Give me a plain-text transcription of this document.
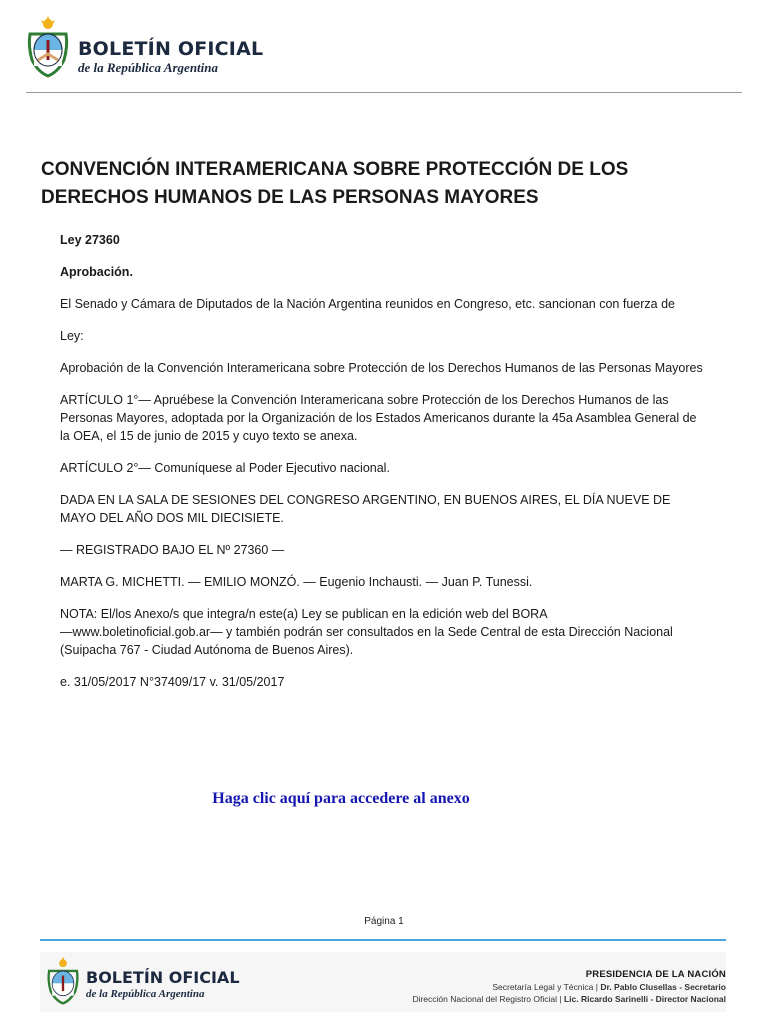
BOLETÍN OFICIAL
de la República Argentina
CONVENCIÓN INTERAMERICANA SOBRE PROTECCIÓN DE LOS
DERECHOS HUMANOS DE LAS PERSONAS MAYORES

Ley 27360

Aprobación.

El Senado y Cámara de Diputados de la Nación Argentina reunidos en Congreso, etc. sancionan con fuerza de

Ley:

Aprobación de la Convención Interamericana sobre Protección de los Derechos Humanos de las Personas Mayores

ARTÍCULO 1°— Apruébese la Convención Interamericana sobre Protección de los Derechos Humanos de las
Personas Mayores, adoptada por la Organización de los Estados Americanos durante la 45a Asamblea General de
la OEA, el 15 de junio de 2015 y cuyo texto se anexa.

ARTÍCULO 2°— Comuníquese al Poder Ejecutivo nacional.

DADA EN LA SALA DE SESIONES DEL CONGRESO ARGENTINO, EN BUENOS AIRES, EL DÍA NUEVE DE
MAYO DEL AÑO DOS MIL DIECISIETE.

— REGISTRADO BAJO EL Nº 27360 —

MARTA G. MICHETTI. — EMILIO MONZÓ. — Eugenio Inchausti. — Juan P. Tunessi.

NOTA: El/los Anexo/s que integra/n este(a) Ley se publican en la edición web del BORA
—www.boletinoficial.gob.ar— y también podrán ser consultados en la Sede Central de esta Dirección Nacional
(Suipacha 767 - Ciudad Autónoma de Buenos Aires).

e. 31/05/2017 N°37409/17 v. 31/05/2017

Haga clic aquí para accedere al anexo
Página 1
BOLETÍN OFICIAL
de la República Argentina
PRESIDENCIA DE LA NACIÓN
Secretaría Legal y Técnica | Dr. Pablo Clusellas - Secretario
Dirección Nacional del Registro Oficial | Lic. Ricardo Sarinelli - Director Nacional
